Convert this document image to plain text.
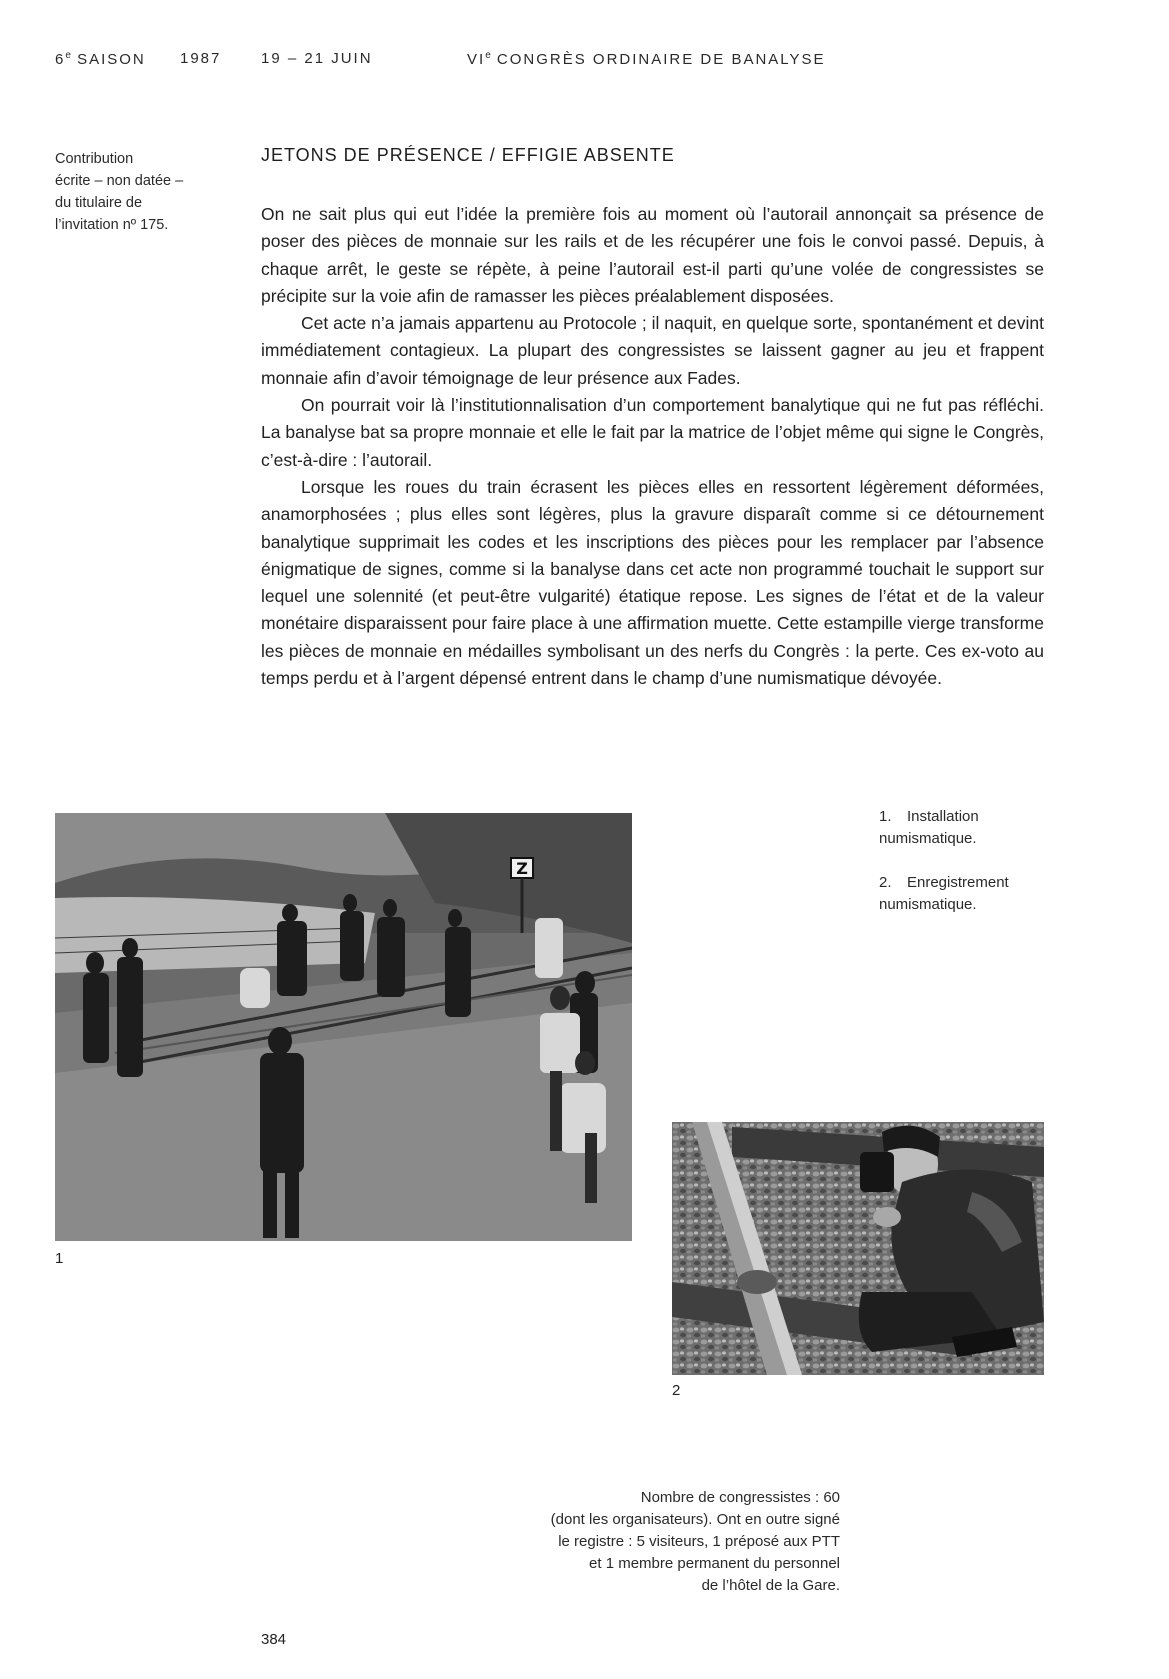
6e SAISON 1987	19 – 21 JUIN	VIe CONGRÈS ORDINAIRE DE BANALYSE
Contribution
écrite – non datée –
du titulaire de
l’invitation nº 175.
JETONS DE PRÉSENCE / EFFIGIE ABSENTE

On ne sait plus qui eut l’idée la première fois au moment où l’autorail annonçait sa présence de poser des pièces de monnaie sur les rails et de les récupérer une fois le convoi passé. Depuis, à chaque arrêt, le geste se répète, à peine l’autorail est-il parti qu’une volée de congressistes se précipite sur la voie afin de ramasser les pièces préalablement disposées.

Cet acte n’a jamais appartenu au Protocole ; il naquit, en quelque sorte, spontanément et devint immédiatement contagieux. La plupart des congressistes se laissent gagner au jeu et frappent monnaie afin d’avoir témoignage de leur présence aux Fades.

On pourrait voir là l’institutionnalisation d’un comportement banalytique qui ne fut pas réfléchi. La banalyse bat sa propre monnaie et elle le fait par la matrice de l’objet même qui signe le Congrès, c’est-à-dire : l’autorail.

Lorsque les roues du train écrasent les pièces elles en ressortent légèrement déformées, anamorphosées ; plus elles sont légères, plus la gravure disparaît comme si ce détournement banalytique supprimait les codes et les inscriptions des pièces pour les remplacer par l’absence énigmatique de signes, comme si la banalyse dans cet acte non programmé touchait le support sur lequel une solennité (et peut-être vulgarité) étatique repose. Les signes de l’état et de la valeur monétaire disparaissent pour faire place à une affirmation muette. Cette estampille vierge transforme les pièces de monnaie en médailles symbolisant un des nerfs du Congrès : la perte. Ces ex-voto au temps perdu et à l’argent dépensé entrent dans le champ d’une numismatique dévoyée.

Z
1
2
1. Installation numismatique.
2. Enregistrement numismatique.
Nombre de congressistes : 60
(dont les organisateurs). Ont en outre signé
le registre : 5 visiteurs, 1 préposé aux PTT
et 1 membre permanent du personnel
de l’hôtel de la Gare.
384
